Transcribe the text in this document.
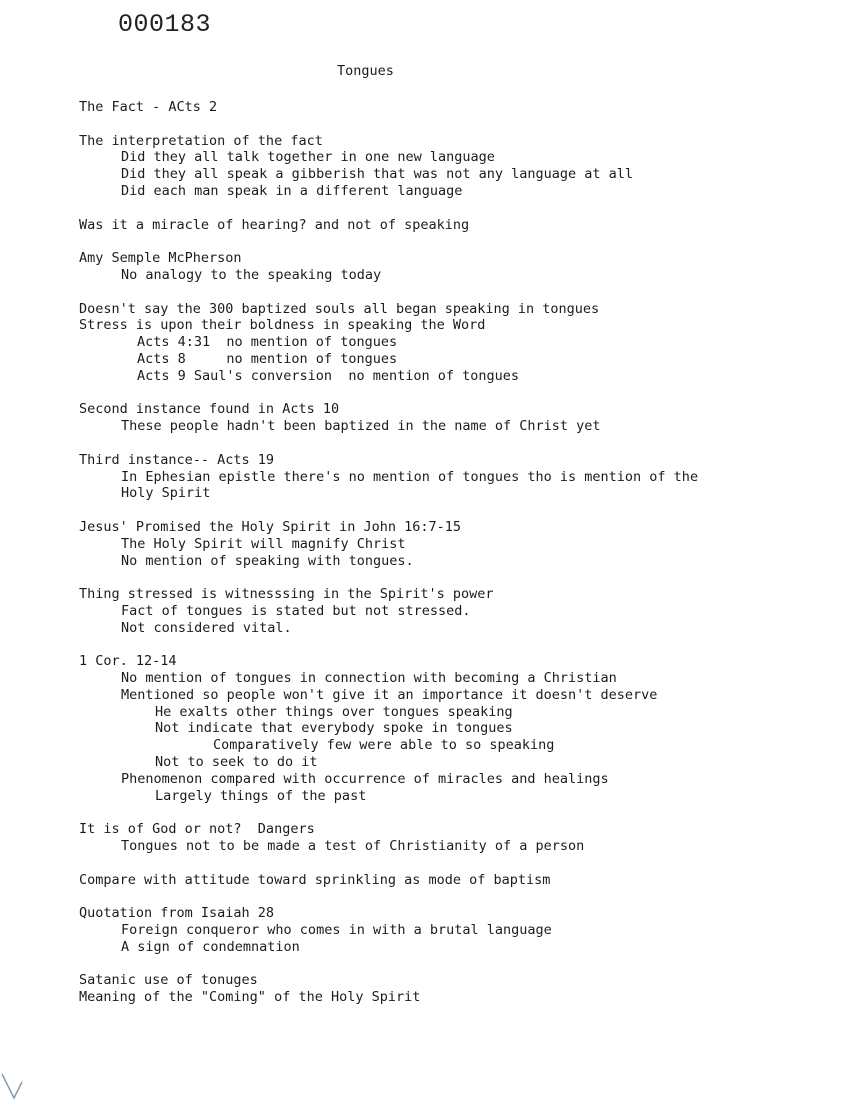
000183
Tongues
The Fact - ACts 2
The interpretation of the fact
Did they all talk together in one new language
Did they all speak a gibberish that was not any language at all
Did each man speak in a different language
Was it a miracle of hearing? and not of speaking
Amy Semple McPherson
No analogy to the speaking today
Doesn't say the 300 baptized souls all began speaking in tongues
Stress is upon their boldness in speaking the Word
Acts 4:31  no mention of tongues
Acts 8     no mention of tongues
Acts 9 Saul's conversion  no mention of tongues
Second instance found in Acts 10
These people hadn't been baptized in the name of Christ yet
Third instance-- Acts 19
In Ephesian epistle there's no mention of tongues tho is mention of the
Holy Spirit
Jesus' Promised the Holy Spirit in John 16:7-15
The Holy Spirit will magnify Christ
No mention of speaking with tongues.
Thing stressed is witnesssing in the Spirit's power
Fact of tongues is stated but not stressed.
Not considered vital.
1 Cor. 12-14
No mention of tongues in connection with becoming a Christian
Mentioned so people won't give it an importance it doesn't deserve
He exalts other things over tongues speaking
Not indicate that everybody spoke in tongues
Comparatively few were able to so speaking
Not to seek to do it
Phenomenon compared with occurrence of miracles and healings
Largely things of the past
It is of God or not?  Dangers
Tongues not to be made a test of Christianity of a person
Compare with attitude toward sprinkling as mode of baptism
Quotation from Isaiah 28
Foreign conqueror who comes in with a brutal language
A sign of condemnation
Satanic use of tonuges
Meaning of the "Coming" of the Holy Spirit
